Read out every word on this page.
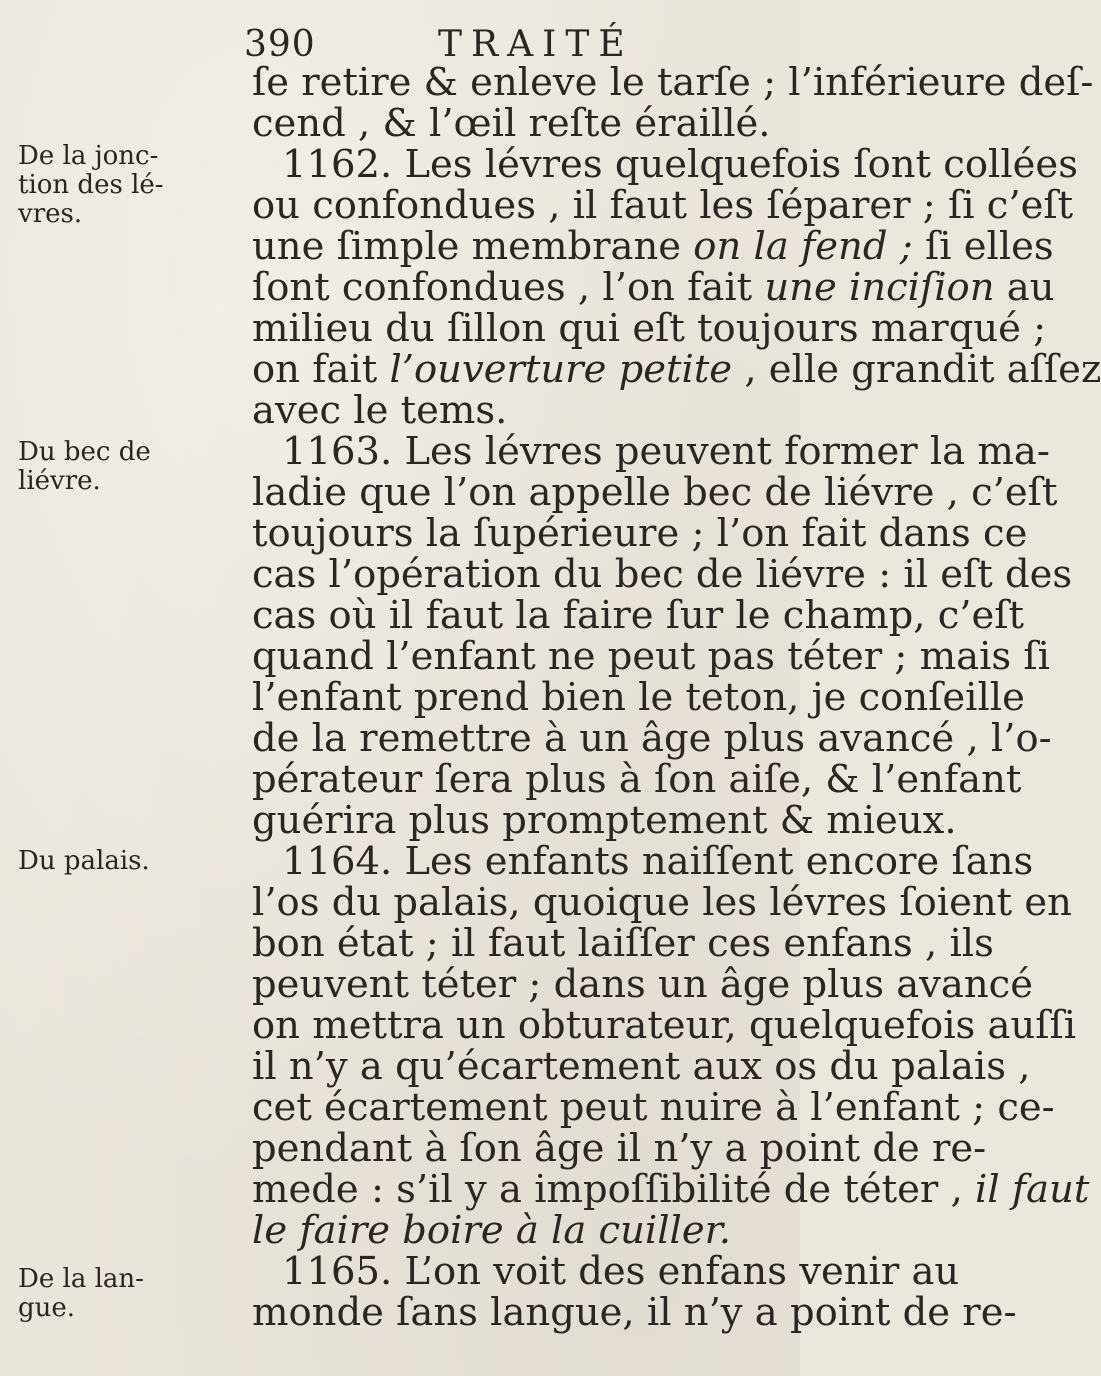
390	TRAITÉ
De la jonc-
tion des lé-
vres.
Du bec de
liévre.
Du palais.
De la lan-
gue.
ſe retire & enleve le tarſe ; l’inférieure deſ-
cend , & l’œil reſte éraillé.
1162. Les lévres quelquefois ſont collées
ou confondues , il faut les ſéparer ; ſi c’eſt
une ſimple membrane on la fend ; ſi elles
ſont confondues , l’on fait une inciſion au
milieu du ſillon qui eſt toujours marqué ;
on fait l’ouverture petite , elle grandit aſſez
avec le tems.
1163. Les lévres peuvent former la ma-
ladie que l’on appelle bec de liévre , c’eſt
toujours la ſupérieure ; l’on fait dans ce
cas l’opération du bec de liévre : il eſt des
cas où il faut la faire ſur le champ, c’eſt
quand l’enfant ne peut pas téter ; mais ſi
l’enfant prend bien le teton, je conſeille
de la remettre à un âge plus avancé , l’o-
pérateur ſera plus à ſon aiſe, & l’enfant
guérira plus promptement & mieux.
1164. Les enfants naiſſent encore ſans
l’os du palais, quoique les lévres ſoient en
bon état ; il faut laiſſer ces enfans , ils
peuvent téter ; dans un âge plus avancé
on mettra un obturateur, quelquefois auſſi
il n’y a qu’écartement aux os du palais ,
cet écartement peut nuire à l’enfant ; ce-
pendant à ſon âge il n’y a point de re-
mede : s’il y a impoſſibilité de téter , il faut
le faire boire à la cuiller.
1165. L’on voit des enfans venir au
monde ſans langue, il n’y a point de re-
